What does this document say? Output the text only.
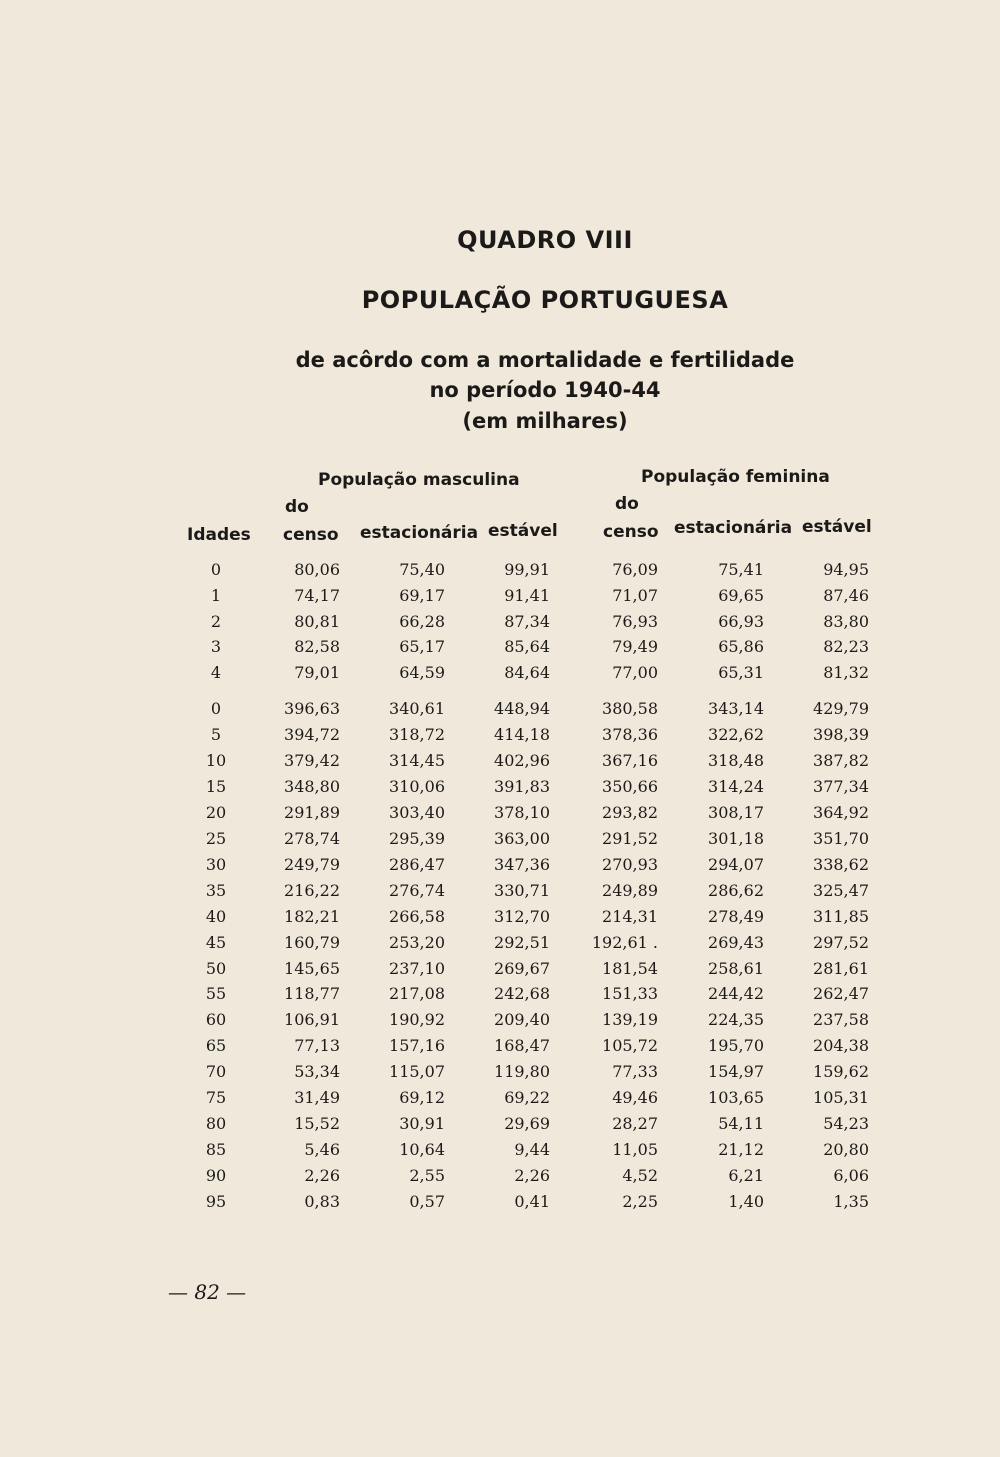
QUADRO VIII
POPULAÇÃO PORTUGUESA
de acôrdo com a mortalidade e fertilidade
no período 1940-44
(em milhares)
População masculina	População feminina
do	do
Idades censo estacionária estável	censo estacionária estável
0	80,06	75,40	99,91	76,09	75,41	94,95
1	74,17	69,17	91,41	71,07	69,65	87,46
2	80,81	66,28	87,34	76,93	66,93	83,80
3	82,58	65,17	85,64	79,49	65,86	82,23
4	79,01	64,59	84,64	77,00	65,31	81,32
0	396,63	340,61	448,94	380,58	343,14	429,79
5	394,72	318,72	414,18	378,36	322,62	398,39
10	379,42	314,45	402,96	367,16	318,48	387,82
15	348,80	310,06	391,83	350,66	314,24	377,34
20	291,89	303,40	378,10	293,82	308,17	364,92
25	278,74	295,39	363,00	291,52	301,18	351,70
30	249,79	286,47	347,36	270,93	294,07	338,62
35	216,22	276,74	330,71	249,89	286,62	325,47
40	182,21	266,58	312,70	214,31	278,49	311,85
45	160,79	253,20	292,51	192,61 .	269,43	297,52
50	145,65	237,10	269,67	181,54	258,61	281,61
55	118,77	217,08	242,68	151,33	244,42	262,47
60	106,91	190,92	209,40	139,19	224,35	237,58
65	77,13	157,16	168,47	105,72	195,70	204,38
70	53,34	115,07	119,80	77,33	154,97	159,62
75	31,49	69,12	69,22	49,46	103,65	105,31
80	15,52	30,91	29,69	28,27	54,11	54,23
85	5,46	10,64	9,44	11,05	21,12	20,80
90	2,26	2,55	2,26	4,52	6,21	6,06
95	0,83	0,57	0,41	2,25	1,40	1,35
— 82 —
